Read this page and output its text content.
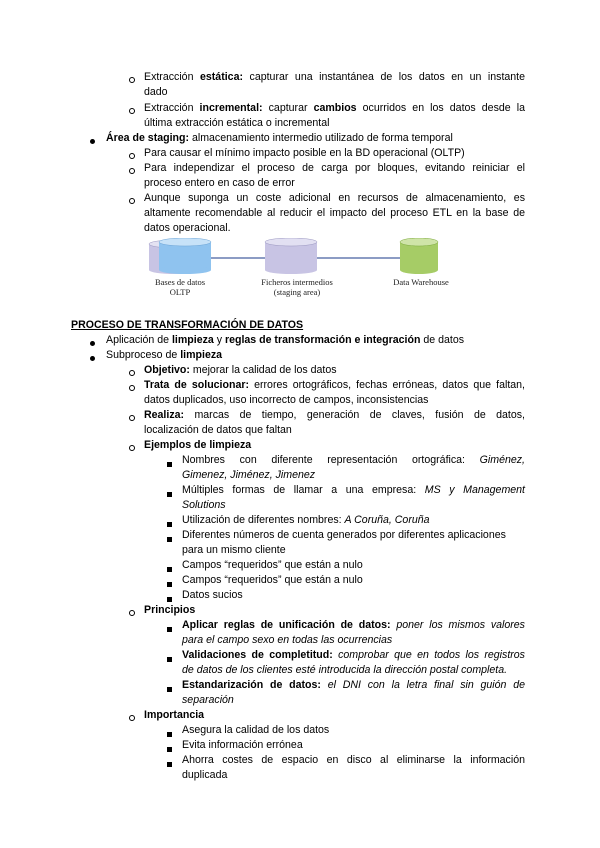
Extracción estática: capturar una instantánea de los datos en un instante
dado
Extracción incremental: capturar cambios ocurridos en los datos desde la
última extracción estática o incremental
Área de staging: almacenamiento intermedio utilizado de forma temporal
Para causar el mínimo impacto posible en la BD operacional (OLTP)
Para independizar el proceso de carga por bloques, evitando reiniciar el
proceso entero en caso de error
Aunque suponga un coste adicional en recursos de almacenamiento, es
altamente recomendable al reducir el impacto del proceso ETL en la base de
datos operacional.
Bases de datos
OLTP
Ficheros intermedios
(staging area)
Data Warehouse
PROCESO DE TRANSFORMACIÓN DE DATOS
Aplicación de limpieza y reglas de transformación e integración de datos
Subproceso de limpieza
Objetivo: mejorar la calidad de los datos
Trata de solucionar: errores ortográficos, fechas erróneas, datos que faltan,
datos duplicados, uso incorrecto de campos, inconsistencias
Realiza: marcas de tiempo, generación de claves, fusión de datos,
localización de datos que faltan
Ejemplos de limpieza
Nombres con diferente representación ortográfica: Giménez,
Gimenez, Jiménez, Jimenez
Múltiples formas de llamar a una empresa: MS y Management
Solutions
Utilización de diferentes nombres: A Coruña, Coruña
Diferentes números de cuenta generados por diferentes aplicaciones
para un mismo cliente
Campos “requeridos” que están a nulo
Campos “requeridos” que están a nulo
Datos sucios
Principios
Aplicar reglas de unificación de datos: poner los mismos valores
para el campo sexo en todas las ocurrencias
Validaciones de completitud: comprobar que en todos los registros
de datos de los clientes esté introducida la dirección postal completa.
Estandarización de datos: el DNI con la letra final sin guión de
separación
Importancia
Asegura la calidad de los datos
Evita información errónea
Ahorra costes de espacio en disco al eliminarse la información
duplicada
